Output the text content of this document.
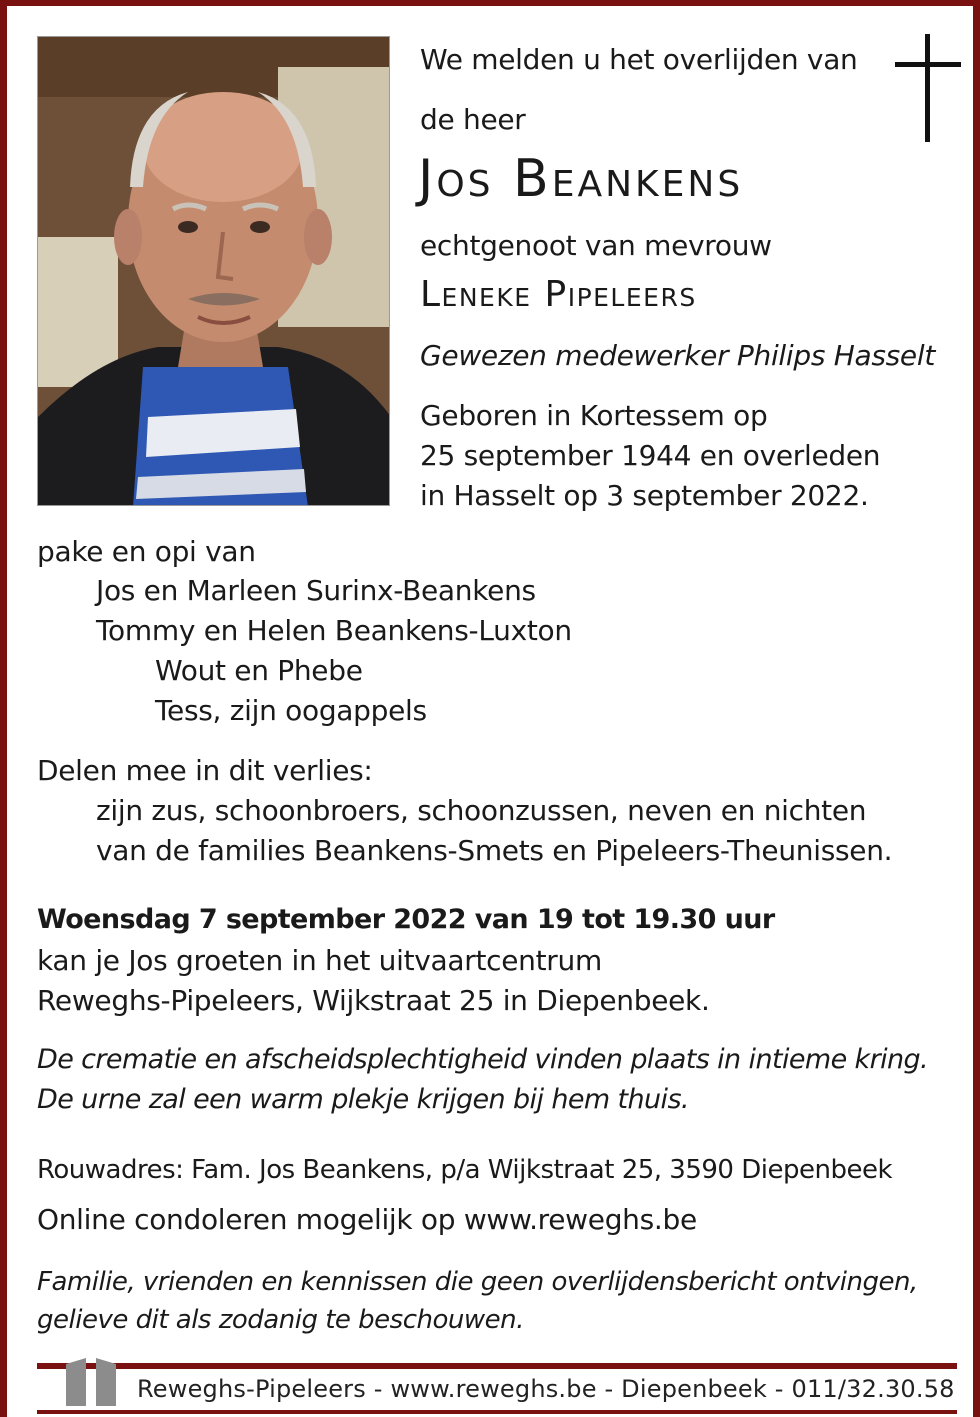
We melden u het overlijden van
de heer
Jos Beankens
echtgenoot van mevrouw
Leneke Pipeleers
Gewezen medewerker Philips Hasselt
Geboren in Kortessem op
25 september 1944 en overleden
in Hasselt op 3 september 2022.
pake en opi van
Jos en Marleen Surinx-Beankens
Tommy en Helen Beankens-Luxton
Wout en Phebe
Tess, zijn oogappels
Delen mee in dit verlies:
zijn zus, schoonbroers, schoonzussen, neven en nichten
van de families Beankens-Smets en Pipeleers-Theunissen.
Woensdag 7 september 2022 van 19 tot 19.30 uur
kan je Jos groeten in het uitvaartcentrum
Reweghs-Pipeleers, Wijkstraat 25 in Diepenbeek.
De crematie en afscheidsplechtigheid vinden plaats in intieme kring.
De urne zal een warm plekje krijgen bij hem thuis.
Rouwadres: Fam. Jos Beankens, p/a Wijkstraat 25, 3590 Diepenbeek
Online condoleren mogelijk op www.reweghs.be
Familie, vrienden en kennissen die geen overlijdensbericht ontvingen,
gelieve dit als zodanig te beschouwen.
Reweghs-Pipeleers - www.reweghs.be - Diepenbeek - 011/32.30.58
